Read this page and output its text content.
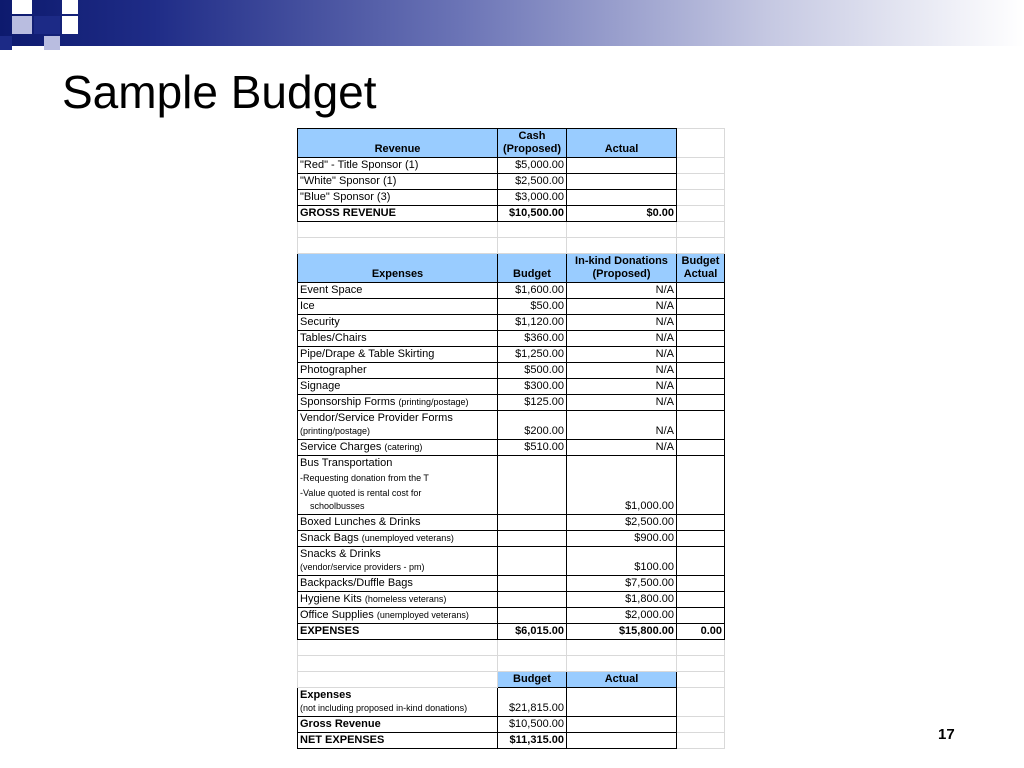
Sample Budget
Revenue	Cash (Proposed)	Actual	
"Red" - Title Sponsor (1)	$5,000.00		
"White" Sponsor (1)	$2,500.00		
"Blue" Sponsor (3)	$3,000.00		
GROSS REVENUE	$10,500.00	$0.00	

Expenses	Budget	In-kind Donations (Proposed)	Budget Actual
Event Space	$1,600.00	N/A	
Ice	$50.00	N/A	
Security	$1,120.00	N/A	
Tables/Chairs	$360.00	N/A	
Pipe/Drape & Table Skirting	$1,250.00	N/A	
Photographer	$500.00	N/A	
Signage	$300.00	N/A	
Sponsorship Forms (printing/postage)	$125.00	N/A	

Vendor/Service Provider Forms
(printing/postage)	$200.00	N/A	
Service Charges (catering)	$510.00	N/A	

Bus Transportation
-Requesting donation from the T
-Value quoted is rental cost for
schoolbusses		$1,000.00	
Boxed Lunches & Drinks		$2,500.00	
Snack Bags (unemployed veterans)		$900.00	

Snacks & Drinks
(vendor/service providers - pm)		$100.00	
Backpacks/Duffle Bags		$7,500.00	
Hygiene Kits (homeless veterans)		$1,800.00	
Office Supplies (unemployed veterans)		$2,000.00	
EXPENSES	$6,015.00	$15,800.00	0.00

	Budget	Actual	

Expenses
(not including proposed in-kind donations)	$21,815.00		
Gross Revenue	$10,500.00		
NET EXPENSES	$11,315.00			17
